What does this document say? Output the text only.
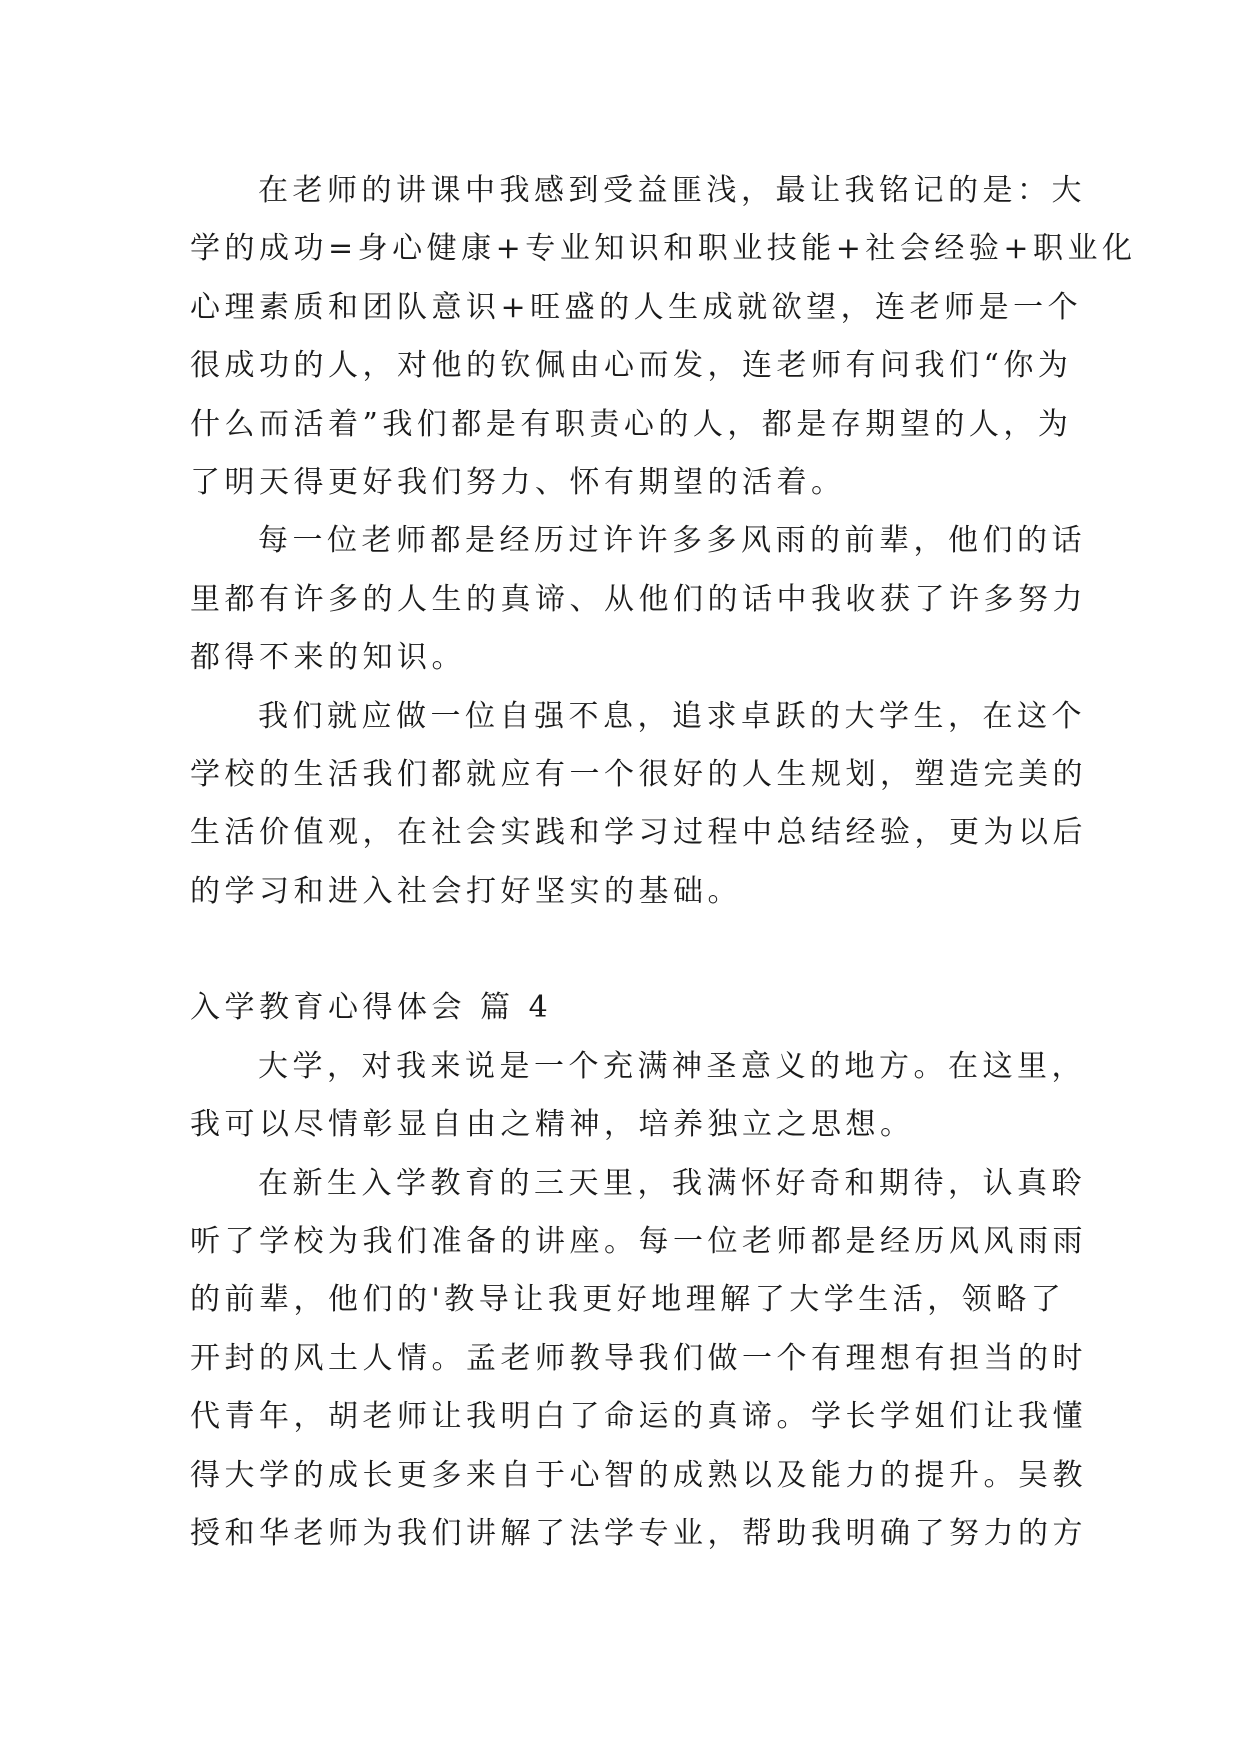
在老师的讲课中我感到受益匪浅，最让我铭记的是：大
学的成功=身心健康+专业知识和职业技能+社会经验+职业化
心理素质和团队意识+旺盛的人生成就欲望，连老师是一个
很成功的人，对他的钦佩由心而发，连老师有问我们“你为
什么而活着”我们都是有职责心的人，都是存期望的人，为
了明天得更好我们努力、怀有期望的活着。
每一位老师都是经历过许许多多风雨的前辈，他们的话
里都有许多的人生的真谛、从他们的话中我收获了许多努力
都得不来的知识。
我们就应做一位自强不息，追求卓跃的大学生，在这个
学校的生活我们都就应有一个很好的人生规划，塑造完美的
生活价值观，在社会实践和学习过程中总结经验，更为以后
的学习和进入社会打好坚实的基础。
入学教育心得体会 篇 4
大学，对我来说是一个充满神圣意义的地方。在这里，
我可以尽情彰显自由之精神，培养独立之思想。
在新生入学教育的三天里，我满怀好奇和期待，认真聆
听了学校为我们准备的讲座。每一位老师都是经历风风雨雨
的前辈，他们的'教导让我更好地理解了大学生活，领略了
开封的风土人情。孟老师教导我们做一个有理想有担当的时
代青年，胡老师让我明白了命运的真谛。学长学姐们让我懂
得大学的成长更多来自于心智的成熟以及能力的提升。吴教
授和华老师为我们讲解了法学专业，帮助我明确了努力的方
